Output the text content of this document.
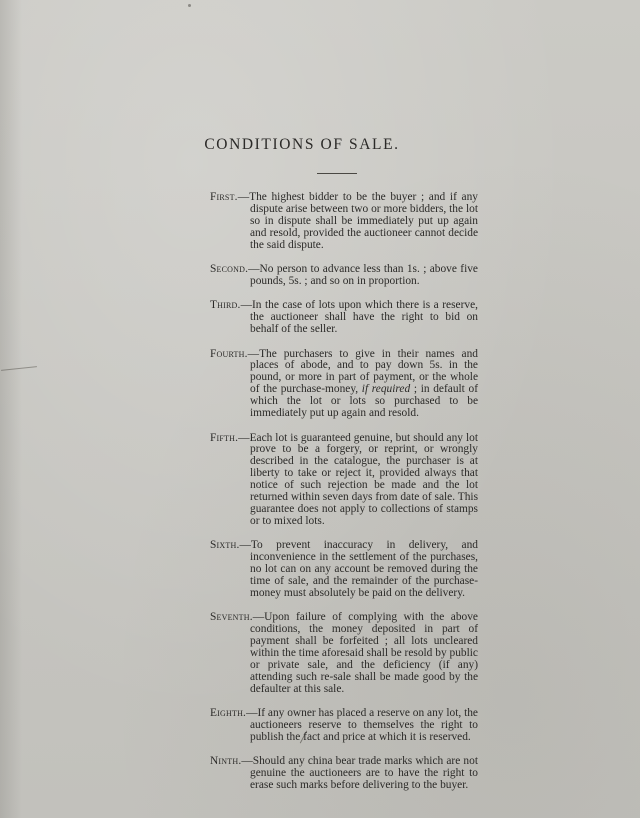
CONDITIONS OF SALE.

First.—The highest bidder to be the buyer ; and if any dispute arise between two or more bidders, the lot so in dispute shall be immediately put up again and resold, provided the auctioneer cannot decide the said dispute.

Second.—No person to advance less than 1s. ; above five pounds, 5s. ; and so on in proportion.

Third.—In the case of lots upon which there is a reserve, the auctioneer shall have the right to bid on behalf of the seller.

Fourth.—The purchasers to give in their names and places of abode, and to pay down 5s. in the pound, or more in part of payment, or the whole of the purchase-money, if required ; in default of which the lot or lots so purchased to be immediately put up again and resold.

Fifth.—Each lot is guaranteed genuine, but should any lot prove to be a forgery, or reprint, or wrongly described in the catalogue, the purchaser is at liberty to take or reject it, provided always that notice of such rejection be made and the lot returned within seven days from date of sale. This guarantee does not apply to collections of stamps or to mixed lots.

Sixth.—To prevent inaccuracy in delivery, and inconvenience in the settlement of the purchases, no lot can on any account be removed during the time of sale, and the remainder of the purchase-money must absolutely be paid on the delivery.

Seventh.—Upon failure of complying with the above conditions, the money deposited in part of payment shall be forfeited ; all lots uncleared within the time aforesaid shall be resold by public or private sale, and the deficiency (if any) attending such re-sale shall be made good by the defaulter at this sale.

Eighth.—If any owner has placed a reserve on any lot, the auctioneers reserve to themselves the right to publish the fact and price at which it is reserved.

Ninth.—Should any china bear trade marks which are not genuine the auctioneers are to have the right to erase such marks before delivering to the buyer.
